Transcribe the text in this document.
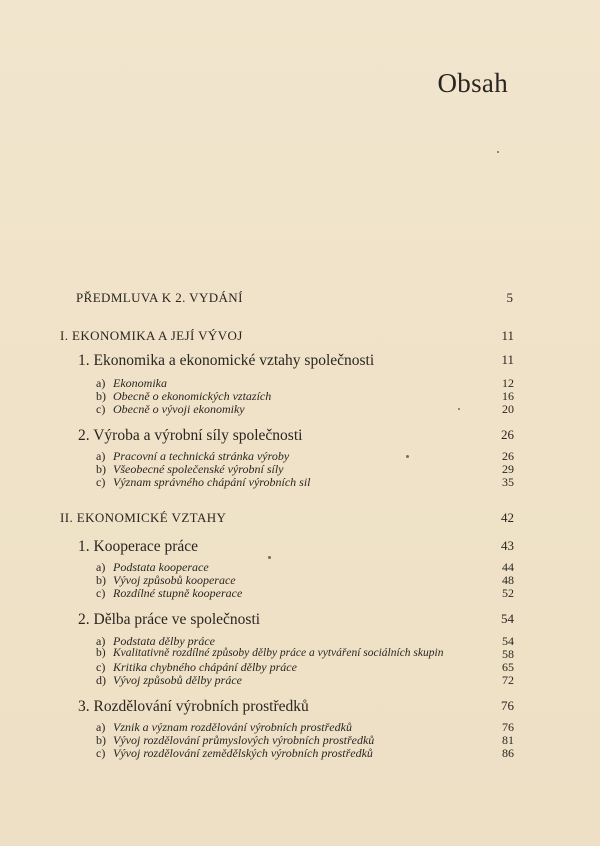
Obsah
PŘEDMLUVA K 2. VYDÁNÍ	5
I. EKONOMIKA A JEJÍ VÝVOJ	11
1. Ekonomika a ekonomické vztahy společnosti	11
a) Ekonomika	12
b) Obecně o ekonomických vztazích	16
c) Obecně o vývoji ekonomiky	20
2. Výroba a výrobní síly společnosti	26
a) Pracovní a technická stránka výroby	26
b) Všeobecné společenské výrobní síly	29
c) Význam správného chápání výrobních sil	35
II. EKONOMICKÉ VZTAHY	42
1. Kooperace práce	43
a) Podstata kooperace	44
b) Vývoj způsobů kooperace	48
c) Rozdílné stupně kooperace	52
2. Dělba práce ve společnosti	54
a) Podstata dělby práce	54
b) Kvalitativně rozdílné způsoby dělby práce a vytváření sociálních skupin	58
c) Kritika chybného chápání dělby práce	65
d) Vývoj způsobů dělby práce	72
3. Rozdělování výrobních prostředků	76
a) Vznik a význam rozdělování výrobních prostředků	76
b) Vývoj rozdělování průmyslových výrobních prostředků	81
c) Vývoj rozdělování zemědělských výrobních prostředků	86
